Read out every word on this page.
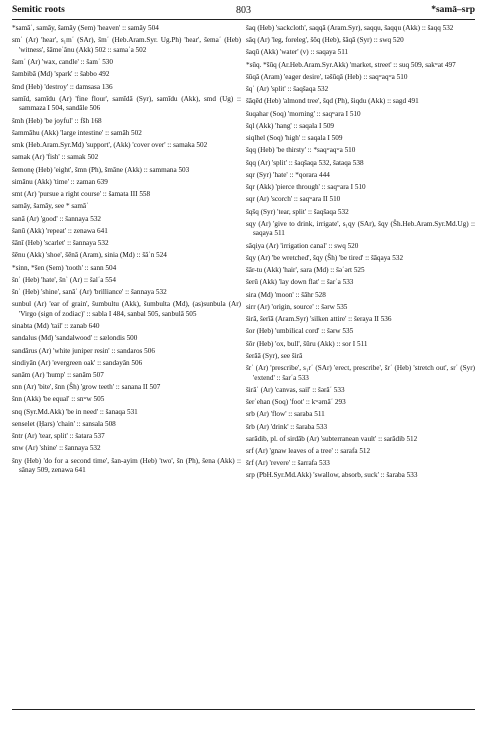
Semitic roots	803	*samā–srp

*samāʾ, samāy, šamāy (Sem) 'heaven' :: samāy 504

smʿ (Ar) 'hear', s₁mʿ (SAr), šmʿ (Heb.Aram.Syr. Ug.Ph) 'hear', šemaʿ (Heb) 'witness', šāmeʿânu (Akk) 502 :: samaʿa 502

šamʿ (Ar) 'wax, candle' :: šamʿ 530

šambibā (Md) 'spark' :: šabbo 492

šmd (Heb) 'destroy' :: damsasa 136

samīd, samīdu (Ar) 'fine flour', samīdā (Syr), samīdu (Akk), smd (Ug) :: sammaza I 504, sandāle 506

šmh (Heb) 'be joyful' :: fšh 168

šammāhu (Akk) 'large intestine' :: samāh 502

smk (Heb.Aram.Syr.Md) 'support', (Akk) 'cover over' :: samaka 502

samak (Ar) 'fish' :: samak 502

šemonę (Heb) 'eight', šmn (Ph), šmāne (Akk) :: sammana 503

simānu (Akk) 'time' :: zaman 639

smt (Ar) 'pursue a right course' :: šamata III 558

samāy, šamāy, see * samāʾ

sanā (Ar) 'good' :: šannaya 532

šanū (Akk) 'repeat' :: zenawa 641

šānī (Heb) 'scarlet' :: šannaya 532

šēnu (Akk) 'shoe', šēnā (Aram), sinia (Md) :: šāʿn 524

*sinn, *šen (Sem) 'tooth' :: sann 504

šnʾ (Heb) 'hate', šnʾ (Ar) :: šalʿa 554

šnʾ (Heb) 'shine', sanāʾ (Ar) 'brilliance' :: šannaya 532

sunbul (Ar) 'ear of grain', šumbultu (Akk), šumbulta (Md), (as)sunbula (Ar) 'Virgo (sign of zodiac)' :: sabla I 484, sanbal 505, sanbulā 505

sinabta (Md) 'tail' :: zanab 640

sandalus (Md) 'sandalwood' :: sælondis 500

sandārus (Ar) 'white juniper resin' :: sandaros 506

sindiyān (Ar) 'evergreen oak' :: sandəyān 506

sanām (Ar) 'hump' :: sanām 507

snn (Ar) 'bite', šnn (Ŝh) 'grow teeth' :: sanana II 507

šnn (Akk) 'be equal' :: snʷw 505

snq (Syr.Md.Akk) 'be in need' :: šanaqa 531

senselet (Ḥars) 'chain' :: sansala 508

šntr (Ar) 'tear, split' :: šatara 537

snw (Ar) 'shine' :: šannaya 532

šny (Heb) 'do for a second time', šan-ayim (Heb) 'two', šn (Ph), šena (Akk) :: sānay 509, zenawa 641

šaq (Heb) 'sackcloth', saqqā (Aram.Syr), saqqu, šaqqu (Akk) :: šaqq 532

sāq (Ar) 'leg, foreleg', šōq (Heb), šāqā (Syr) :: swq 520

šaqū (Akk) 'water' (v) :: saqaya 511

*sūq. *šūq (Ar.Heb.Aram.Syr.Akk) 'market, street' :: suq 509, sakʷat 497

šūqā (Aram) 'eager desire', təšūqā (Heb) :: saqʷaqʷa 510

šqʾ (Ar) 'split' :: šaqšaqa 532

šāqēd (Heb) 'almond tree', šqd (Ph), šiqdu (Akk) :: sagd 491

šuqahar (Soq) 'morning' :: saqʷara I 510

šql (Akk) 'hang' :: saqala I 509

siqlhel (Soq) 'high' :: saqala I 509

šqq (Heb) 'be thirsty' :: *saqʷaqʷa 510

šqq (Ar) 'split' :: šaqšaqa 532, šataqa 538

sqr (Syr) 'hate' :: *qorara 444

šqr (Akk) 'pierce through' :: saqʷara I 510

sqr (Ar) 'scorch' :: saqʷara II 510

šqšq (Syr) 'tear, split' :: šaqšaqa 532

sqy (Ar) 'give to drink, irrigate', s₁qy (SAr), šqy (Ŝh.Heb.Aram.Syr.Md.Ug) :: saqaya 511

sāqiya (Ar) 'irrigation canal' :: swq 520

šqy (Ar) 'be wretched', šqy (Ŝh) 'be tired' :: šāqaya 532

šār-tu (Akk) 'hair', sara (Md) :: šəʿərt 525

šerū (Akk) 'lay down flat' :: šarʿa 533

sira (Md) 'moon' :: šāhr 528

sirr (Ar) 'origin, source' :: šərw 535

širā, šerīā (Aram.Syr) 'silken attire' :: šeraya II 536

šor (Heb) 'umbilical cord' :: šərw 535

šōr (Heb) 'ox, bull', šūru (Akk) :: sor I 511

šerāā (Syr), see širā

šrʿ (Ar) 'prescribe', s₁rʿ (SAr) 'erect, prescribe', šrʿ (Heb) 'stretch out', srʿ (Syr) 'extend' :: šarʿa 533

širāʿ (Ar) 'canvas, sail' :: šərāʿ 533

šerʿehan (Soq) 'foot' :: kʷərnāʿ 293

srb (Ar) 'flow' :: saraba 511

šrb (Ar) 'drink' :: šaraba 533

sarādib, pl. of sirdāb (Ar) 'subterranean vault' :: sarādib 512

srf (Ar) 'gnaw leaves of a tree' :: sarafa 512

šrf (Ar) 'revere' :: šarrafa 533

srp (PbH.Syr.Md.Akk) 'swallow, absorb, suck' :: šaraba 533
